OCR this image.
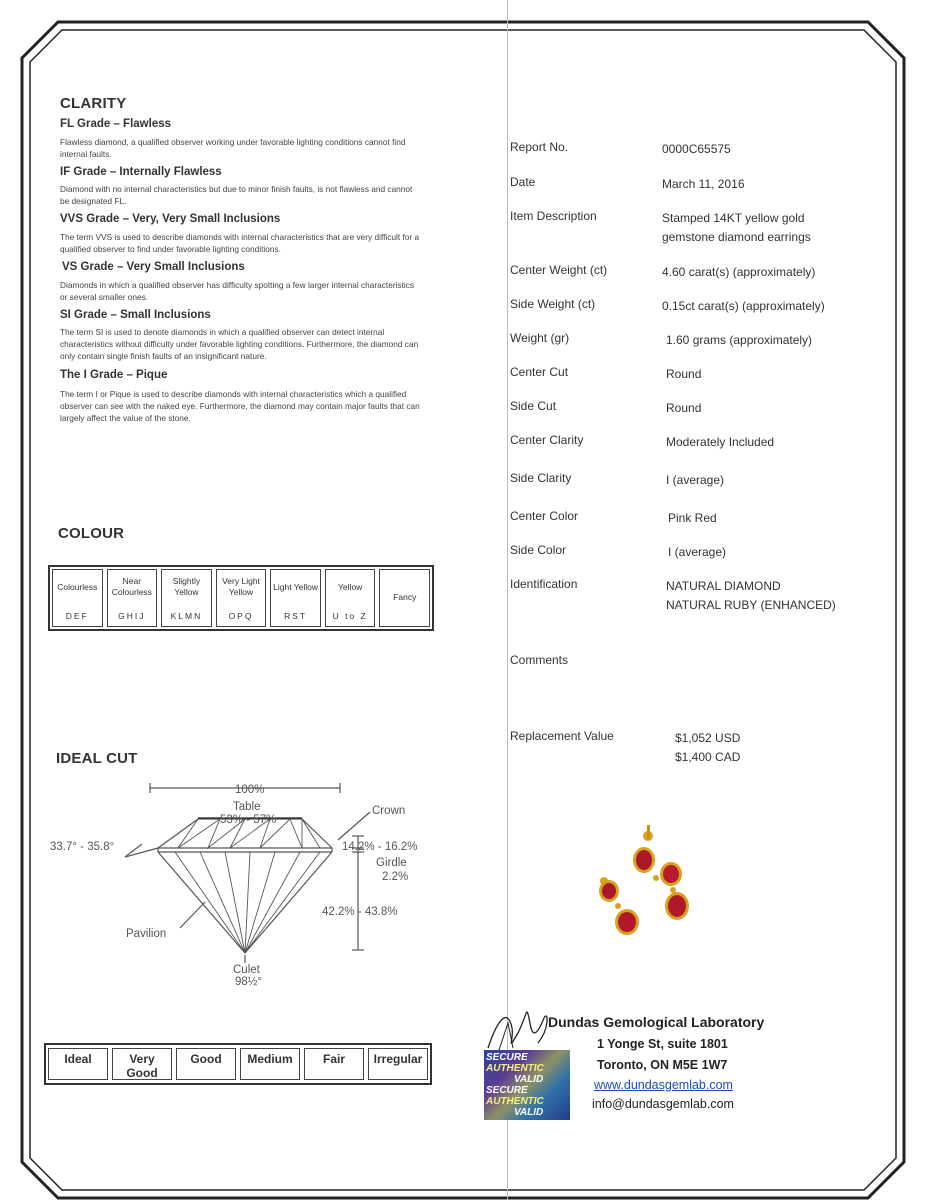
CLARITY
FL Grade – Flawless
Flawless diamond, a qualified observer working under favorable lighting conditions cannot find internal faults.
IF Grade – Internally Flawless
Diamond with no internal characteristics but due to minor finish faults, is not flawless and cannot be designated FL.
VVS Grade – Very, Very Small Inclusions
The term VVS is used to describe diamonds with internal characteristics that are very difficult for a qualified observer to find under favorable lighting conditions.
VS Grade – Very Small Inclusions
Diamonds in which a qualified observer has difficulty spotting a few larger internal characteristics or several smaller ones.
SI Grade – Small Inclusions
The term SI is used to denote diamonds in which a qualified observer can detect internal characteristics without difficulty under favorable lighting conditions. Furthermore, the diamond can only contain single finish faults of an insignificant nature.
The I Grade – Pique
The term I or Pique is used to describe diamonds with internal characteristics which a qualified observer can see with the naked eye. Furthermore, the diamond may contain major faults that can largely affect the value of the stone.
COLOUR
Colourless
DEF
Near Colourless
GHIJ
Slightly Yellow
KLMN
Very Light Yellow
OPQ
Light Yellow
RST
Yellow
U to Z
Fancy
IDEAL CUT
100%
Table
53% - 57%
Crown
33.7° - 35.8°	14.2% - 16.2%
Girdle
2.2%
42.2% - 43.8%
Pavilion
Culet
98½°
Ideal	Very Good
Good	Medium	Fair	Irregular
Report No.	0000C65575
Date	March 11, 2016
Item Description	Stamped 14KT yellow gold
gemstone diamond earrings
Center Weight (ct)	4.60 carat(s) (approximately)
Side Weight (ct)	0.15ct carat(s) (approximately)
Weight (gr)	1.60 grams (approximately)
Center Cut	Round
Side Cut	Round
Center Clarity	Moderately Included
Side Clarity	I (average)
Center Color	Pink Red
Side Color	I (average)
Identification	NATURAL DIAMOND
NATURAL RUBY (ENHANCED)
Comments
Replacement Value	$1,052 USD
$1,400 CAD
SECURE
AUTHENTIC
VALID
SECURE
AUTHENTIC
VALID
Dundas Gemological Laboratory
1 Yonge St, suite 1801
Toronto, ON M5E 1W7
www.dundasgemlab.com
info@dundasgemlab.com
